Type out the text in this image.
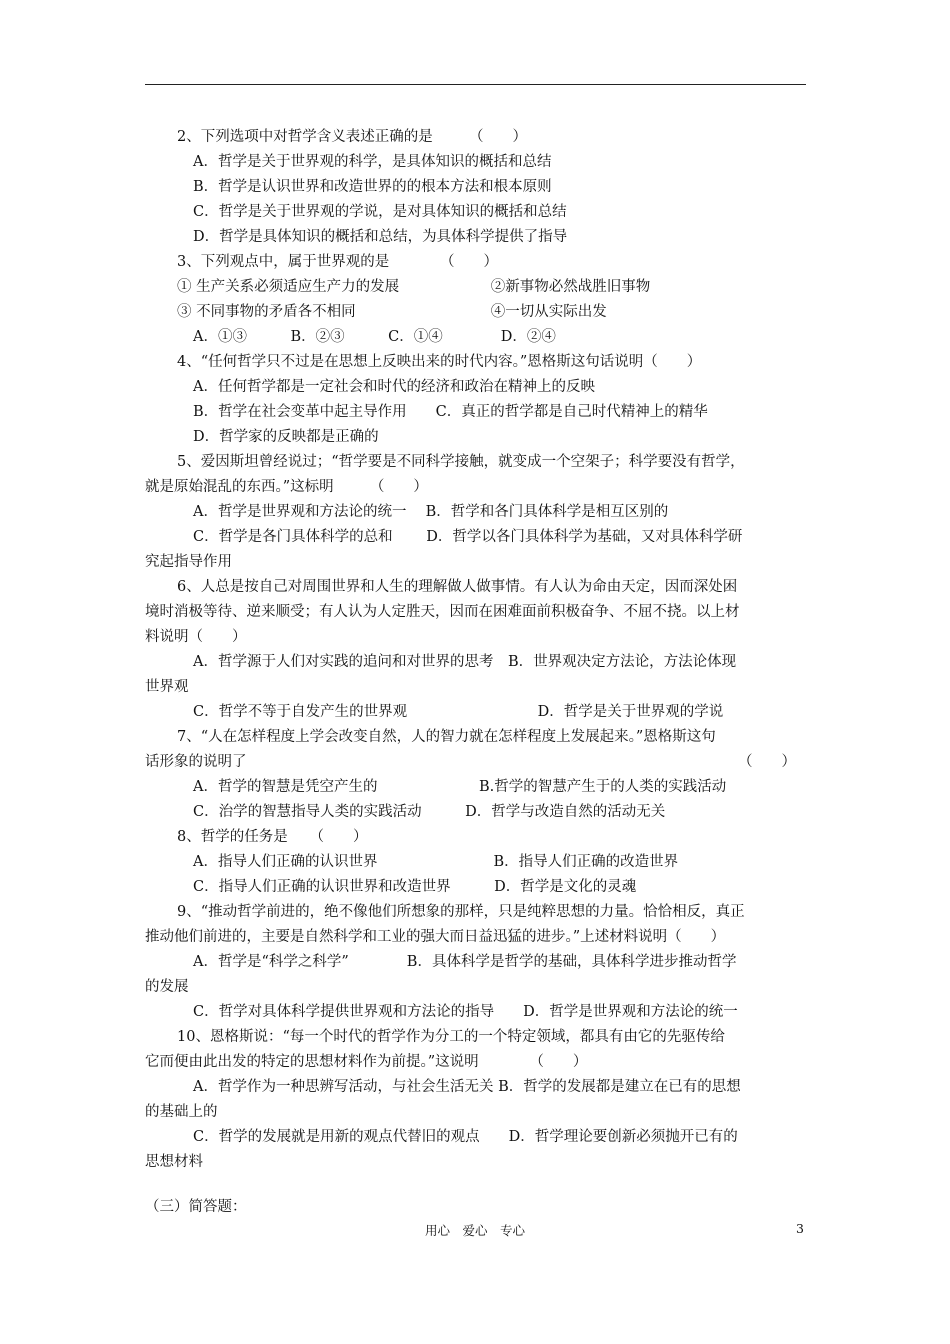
2、下列选项中对哲学含义表述正确的是　　　（　　）
A．哲学是关于世界观的科学，是具体知识的概括和总结
B．哲学是认识世界和改造世界的的根本方法和根本原则
C．哲学是关于世界观的学说，是对具体知识的概括和总结
D．哲学是具体知识的概括和总结，为具体科学提供了指导
3、下列观点中，属于世界观的是　　　　（　　）
① 生产关系必须适应生产力的发展　　　　　　 ②新事物必然战胜旧事物
③ 不同事物的矛盾各不相同　　　　　　　　　 ④一切从实际出发
A．①③　　　B．②③　　　C．①④　　　　D．②④
4、“任何哲学只不过是在思想上反映出来的时代内容。”恩格斯这句话说明（　　）
A．任何哲学都是一定社会和时代的经济和政治在精神上的反映
B．哲学在社会变革中起主导作用　　C．真正的哲学都是自己时代精神上的精华
D．哲学家的反映都是正确的
5、爱因斯坦曾经说过；“哲学要是不同科学接触，就变成一个空架子；科学要没有哲学，
就是原始混乱的东西。”这标明　　　（　　）
A．哲学是世界观和方法论的统一　 B．哲学和各门具体科学是相互区别的
C．哲学是各门具体科学的总和　　 D．哲学以各门具体科学为基础，又对具体科学研
究起指导作用
6、人总是按自己对周围世界和人生的理解做人做事情。有人认为命由天定，因而深处困
境时消极等待、逆来顺受；有人认为人定胜天，因而在困难面前积极奋争、不屈不挠。以上材
料说明（　　）
A．哲学源于人们对实践的追问和对世界的思考　B．世界观决定方法论，方法论体现
世界观
C．哲学不等于自发产生的世界观　　　　　　　　　D．哲学是关于世界观的学说
7、“人在怎样程度上学会改变自然，人的智力就在怎样程度上发展起来。”恩格斯这句
话形象的说明了	（　　）
A．哲学的智慧是凭空产生的　　　　　　　B.哲学的智慧产生于的人类的实践活动
C．治学的智慧指导人类的实践活动　　　D．哲学与改造自然的活动无关
8、哲学的任务是　　（　　）
A．指导人们正确的认识世界　　　　　　　　B．指导人们正确的改造世界
C．指导人们正确的认识世界和改造世界　　　D．哲学是文化的灵魂
9、“推动哲学前进的，绝不像他们所想象的那样，只是纯粹思想的力量。恰恰相反，真正
推动他们前进的，主要是自然科学和工业的强大而日益迅猛的进步。”上述材料说明（　　）
A．哲学是“科学之科学”　　　　B．具体科学是哲学的基础，具体科学进步推动哲学
的发展
C．哲学对具体科学提供世界观和方法论的指导　　D．哲学是世界观和方法论的统一
10、恩格斯说：“每一个时代的哲学作为分工的一个特定领域，都具有由它的先驱传给
它而便由此出发的特定的思想材料作为前提。”这说明　　　　（　　）
A．哲学作为一种思辨写活动，与社会生活无关 B．哲学的发展都是建立在已有的思想
的基础上的
C．哲学的发展就是用新的观点代替旧的观点　　D．哲学理论要创新必须抛开已有的
思想材料
（三）简答题：
用心　爱心　专心	3
